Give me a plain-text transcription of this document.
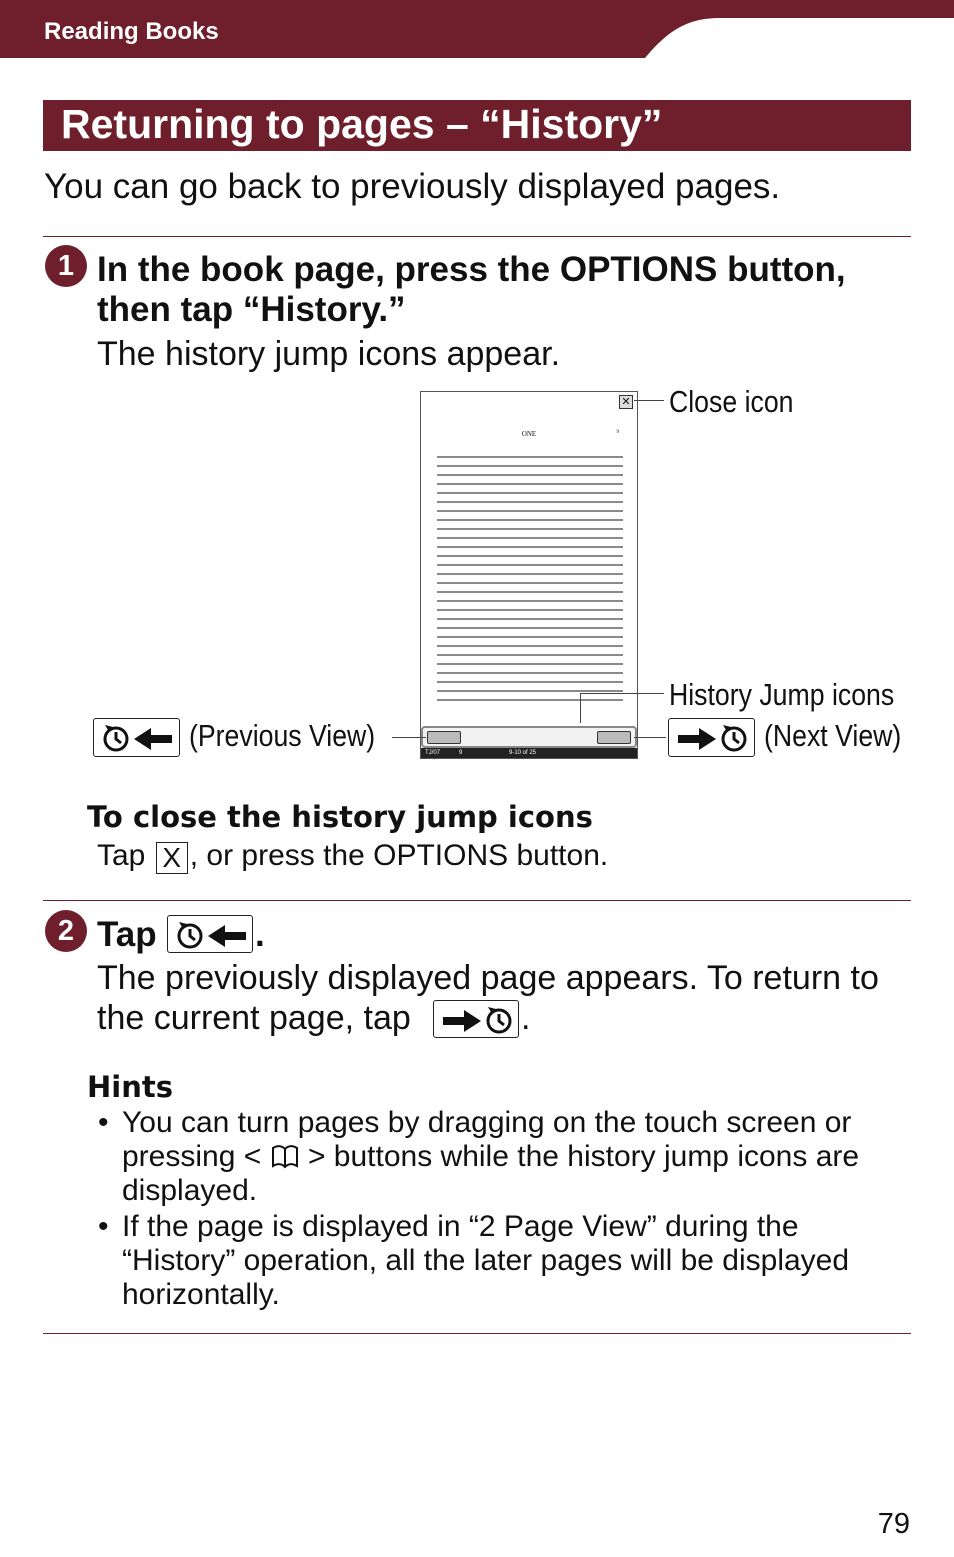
Reading Books
Returning to pages – “History”
You can go back to previously displayed pages.
1 In the book page, press the OPTIONS button,
then tap “History.”
The history jump icons appear.
✕
ONE	9
TJ/07	9	9-10 of 25
Close icon
History Jump icons
(Previous View)	(Next View)
To close the history jump icons
Tap X , or press the OPTIONS button.
2 Tap	.
The previously displayed page appears. To return to
the current page, tap	.
Hints
• You can turn pages by dragging on the touch screen or
pressing < > buttons while the history jump icons are
displayed.
• If the page is displayed in “2 Page View” during the
“History” operation, all the later pages will be displayed
horizontally.
79
